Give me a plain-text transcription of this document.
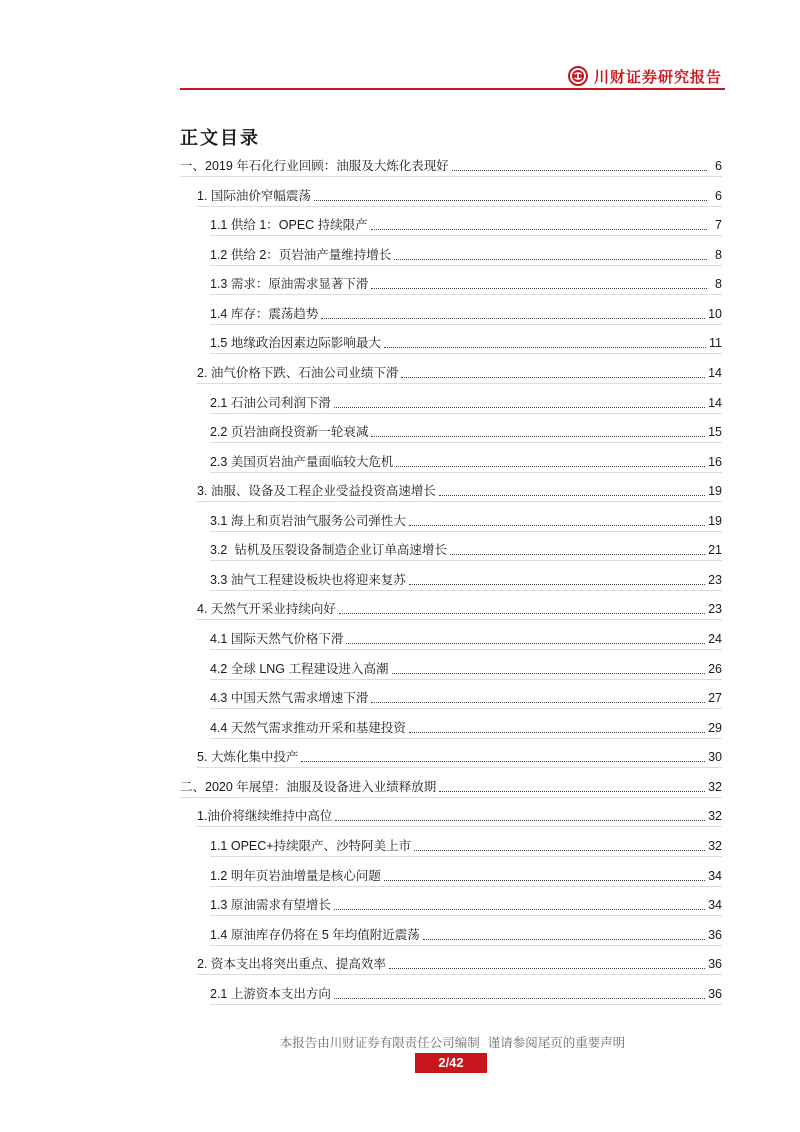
川财证券研究报告
正文目录
一、2019 年石化行业回顾：油服及大炼化表现好	6
1. 国际油价窄幅震荡	6
1.1 供给 1：OPEC 持续限产	7
1.2 供给 2：页岩油产量维持增长	8
1.3 需求：原油需求显著下滑	8
1.4 库存：震荡趋势	10
1.5 地缘政治因素边际影响最大	11
2. 油气价格下跌、石油公司业绩下滑	14
2.1 石油公司利润下滑	14
2.2 页岩油商投资新一轮衰减	15
2.3 美国页岩油产量面临较大危机	16
3. 油服、设备及工程企业受益投资高速增长	19
3.1 海上和页岩油气服务公司弹性大	19
3.2  钻机及压裂设备制造企业订单高速增长	21
3.3 油气工程建设板块也将迎来复苏	23
4. 天然气开采业持续向好	23
4.1 国际天然气价格下滑	24
4.2 全球 LNG 工程建设进入高潮	26
4.3 中国天然气需求增速下滑	27
4.4 天然气需求推动开采和基建投资	29
5. 大炼化集中投产	30
二、2020 年展望：油服及设备进入业绩释放期	32
1.油价将继续维持中高位	32
1.1 OPEC+持续限产、沙特阿美上市	32
1.2 明年页岩油增量是核心问题	34
1.3 原油需求有望增长	34
1.4 原油库存仍将在 5 年均值附近震荡	36
2. 资本支出将突出重点、提高效率	36
2.1 上游资本支出方向	36
本报告由川财证券有限责任公司编制  谨请参阅尾页的重要声明
2/42
